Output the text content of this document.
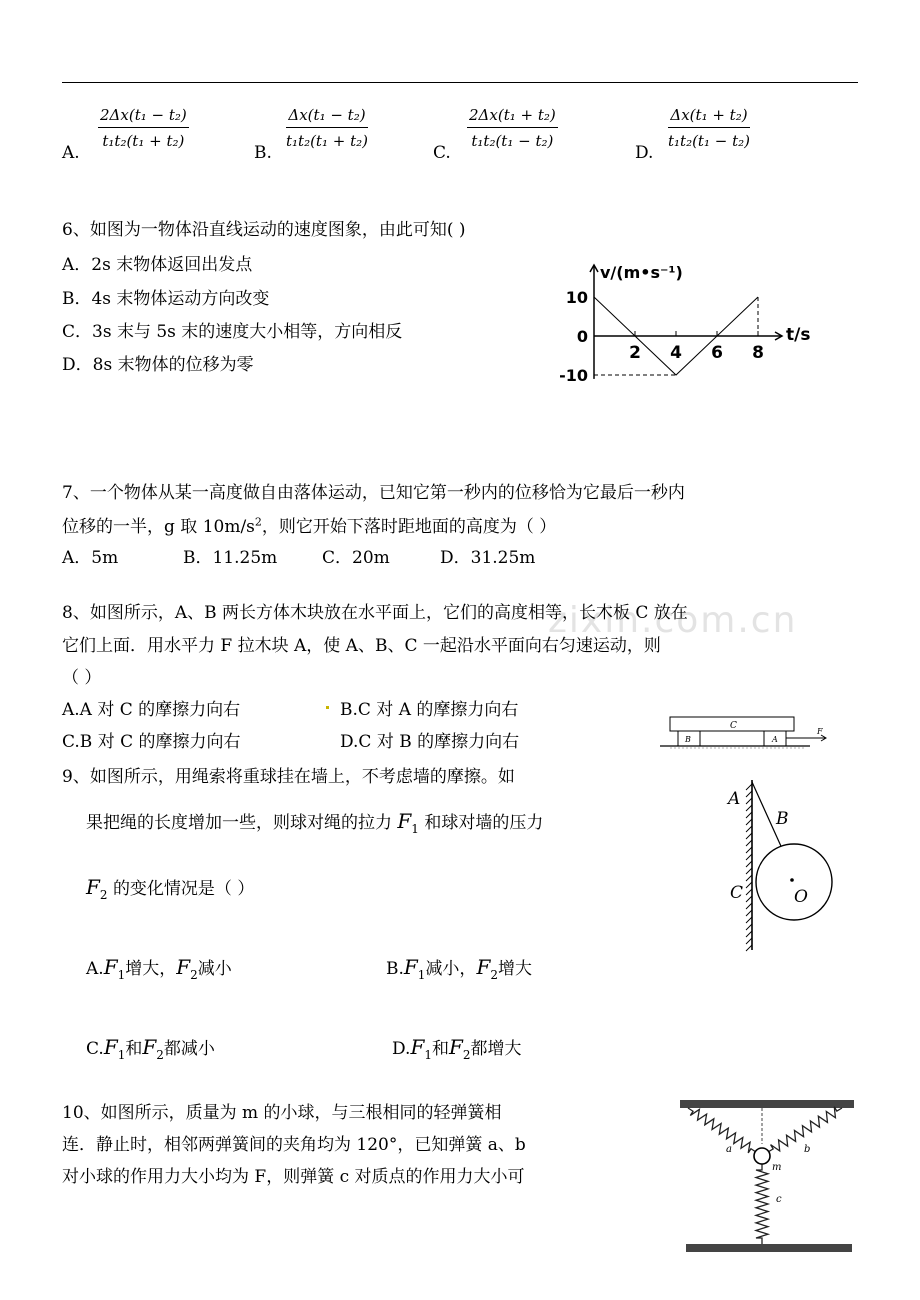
A.
$\frac{\text{2Δx(t₁ − t₂)}}{\text{t₁t₂(t₁ + t₂)}}$
B.
$\frac{\text{Δx(t₁ − t₂)}}{\text{t₁t₂(t₁ + t₂)}}$
C.
$\frac{\text{2Δx(t₁ + t₂)}}{\text{t₁t₂(t₁ − t₂)}}$
D.
$\frac{\text{Δx(t₁ + t₂)}}{\text{t₁t₂(t₁ − t₂)}}$
6、如图为一物体沿直线运动的速度图象，由此可知( )
A．2s 末物体返回出发点
B．4s 末物体运动方向改变
C．3s 末与 5s 末的速度大小相等，方向相反
D．8s 末物体的位移为零
10
0
-10
2 4 6 8
v/(m•s⁻¹)
t/s
7、一个物体从某一高度做自由落体运动，已知它第一秒内的位移恰为它最后一秒内
位移的一半，g 取 $10m/s^2$，则它开始下落时距地面的高度为（ ）
A．5m	B．11.25m	C．20m	D．31.25m
zixin.com.cn
8、如图所示，A、B 两长方体木块放在水平面上，它们的高度相等，长木板 C 放在
它们上面．用水平力 F 拉木块 A，使 A、B、C 一起沿水平面向右匀速运动，则
（ ）
A.A 对 C 的摩擦力向右	B.C 对 A 的摩擦力向右
C.B 对 C 的摩擦力向右	D.C 对 B 的摩擦力向右
C
B	A
F
9、如图所示，用绳索将重球挂在墙上，不考虑墙的摩擦。如
果把绳的长度增加一些，则球对绳的拉力 $F_1$ 和球对墙的压力
$F_2$ 的变化情况是（ ）
$A.F_1$增大，$F_2$减小	$B.F_1$减小，$F_2$增大
$C.F_1$和$F_2$都减小	$D.F_1$和$F_2$都增大
A
B
C	O
10、如图所示，质量为 m 的小球，与三根相同的轻弹簧相
连．静止时，相邻两弹簧间的夹角均为 120°，已知弹簧 a、b
对小球的作用力大小均为 F，则弹簧 c 对质点的作用力大小可
a	b
c
m
